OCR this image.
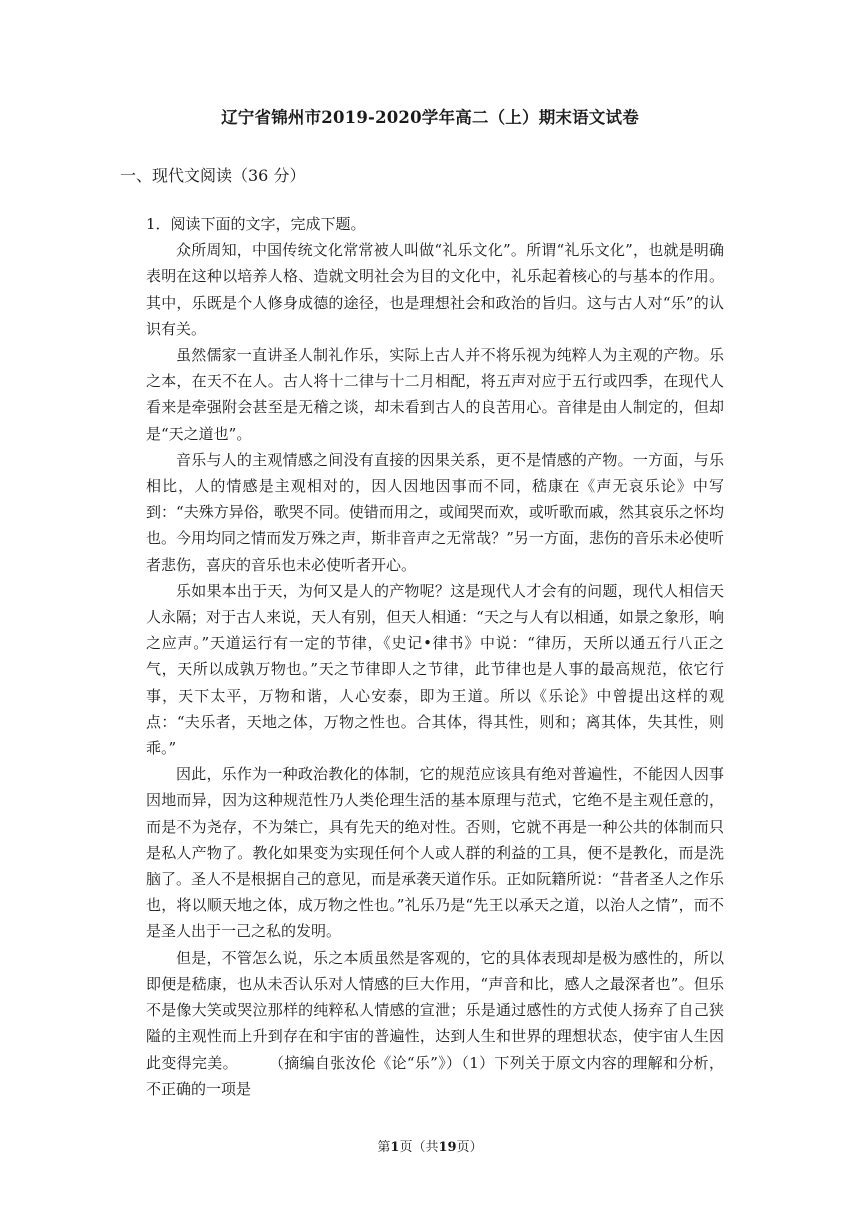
辽宁省锦州市2019-2020学年高二（上）期末语文试卷
一、现代文阅读（36 分）

1．阅读下面的文字，完成下题。

众所周知，中国传统文化常常被人叫做“礼乐文化”。所谓“礼乐文化”，也就是明确表明在这种以培养人格、造就文明社会为目的文化中，礼乐起着核心的与基本的作用。其中，乐既是个人修身成德的途径，也是理想社会和政治的旨归。这与古人对“乐”的认识有关。

虽然儒家一直讲圣人制礼作乐，实际上古人并不将乐视为纯粹人为主观的产物。乐之本，在天不在人。古人将十二律与十二月相配，将五声对应于五行或四季，在现代人看来是牵强附会甚至是无稽之谈，却未看到古人的良苦用心。音律是由人制定的，但却是“天之道也”。

音乐与人的主观情感之间没有直接的因果关系，更不是情感的产物。一方面，与乐相比，人的情感是主观相对的，因人因地因事而不同，嵇康在《声无哀乐论》中写到：“夫殊方异俗，歌哭不同。使错而用之，或闻哭而欢，或听歌而戚，然其哀乐之怀均也。今用均同之情而发万殊之声，斯非音声之无常哉？”另一方面，悲伤的音乐未必使听者悲伤，喜庆的音乐也未必使听者开心。

乐如果本出于天，为何又是人的产物呢？这是现代人才会有的问题，现代人相信天人永隔；对于古人来说，天人有别，但天人相通：“天之与人有以相通，如景之象形，响之应声。”天道运行有一定的节律，《史记•律书》中说：“律历，天所以通五行八正之气，天所以成孰万物也。”天之节律即人之节律，此节律也是人事的最高规范，依它行事，天下太平，万物和谐，人心安泰，即为王道。所以《乐论》中曾提出这样的观点：“夫乐者，天地之体，万物之性也。合其体，得其性，则和；离其体，失其性，则乖。”

因此，乐作为一种政治教化的体制，它的规范应该具有绝对普遍性，不能因人因事因地而异，因为这种规范性乃人类伦理生活的基本原理与范式，它绝不是主观任意的，而是不为尧存，不为桀亡，具有先天的绝对性。否则，它就不再是一种公共的体制而只是私人产物了。教化如果变为实现任何个人或人群的利益的工具，便不是教化，而是洗脑了。圣人不是根据自己的意见，而是承袭天道作乐。正如阮籍所说：“昔者圣人之作乐也，将以顺天地之体，成万物之性也。”礼乐乃是“先王以承天之道，以治人之情”，而不是圣人出于一己之私的发明。

但是，不管怎么说，乐之本质虽然是客观的，它的具体表现却是极为感性的，所以即便是嵇康，也从未否认乐对人情感的巨大作用，“声音和比，感人之最深者也”。但乐不是像大笑或哭泣那样的纯粹私人情感的宣泄；乐是通过感性的方式使人扬弃了自己狭隘的主观性而上升到存在和宇宙的普遍性，达到人生和世界的理想状态，使宇宙人生因此变得完美。　　　（摘编自张汝伦《论“乐”》）（1）下列关于原文内容的理解和分析，不正确的一项是

第1页（共19页）
